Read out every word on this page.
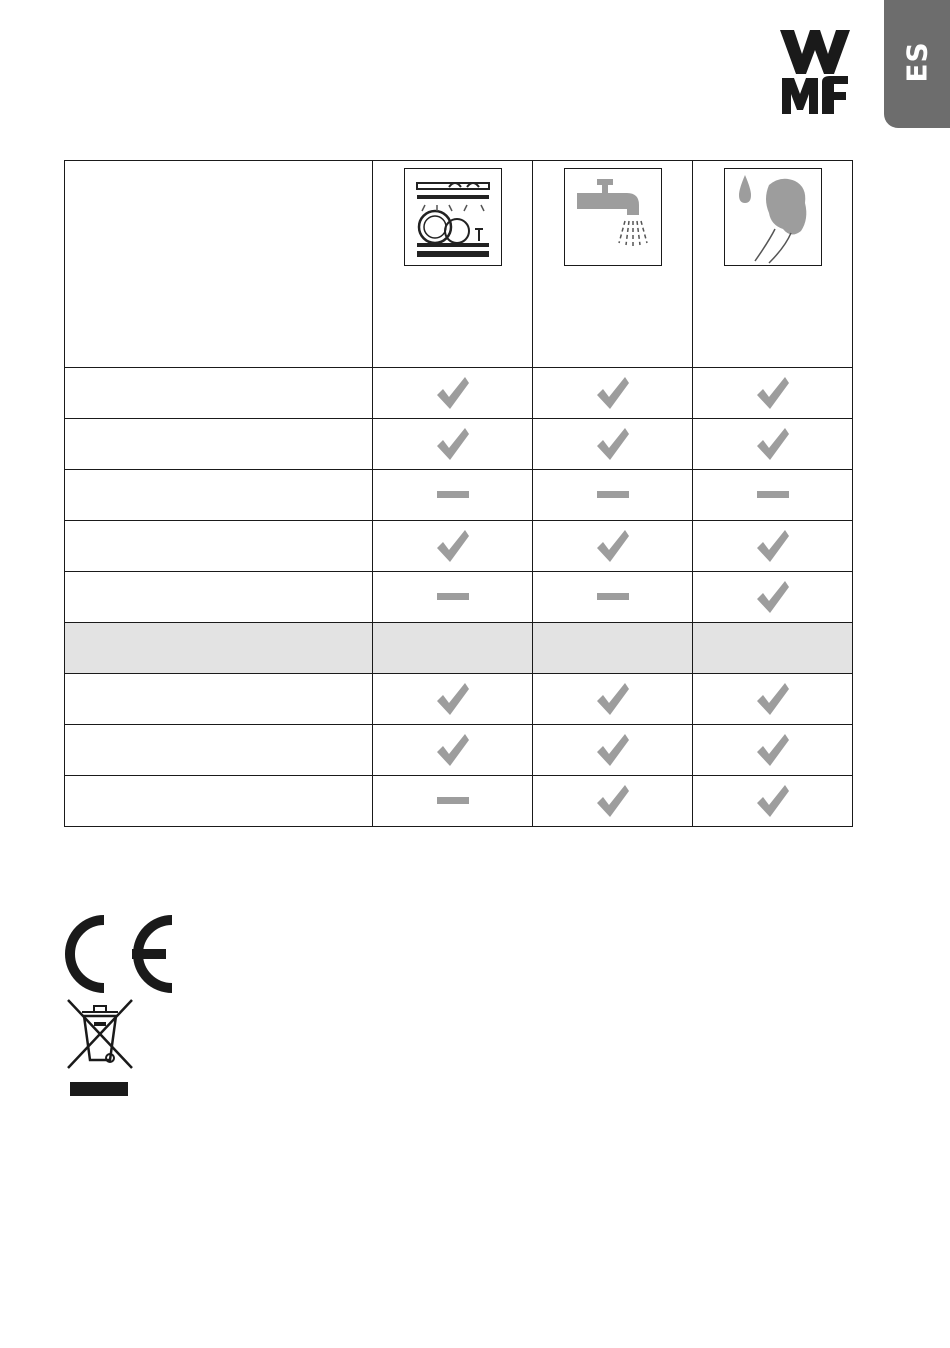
ES
